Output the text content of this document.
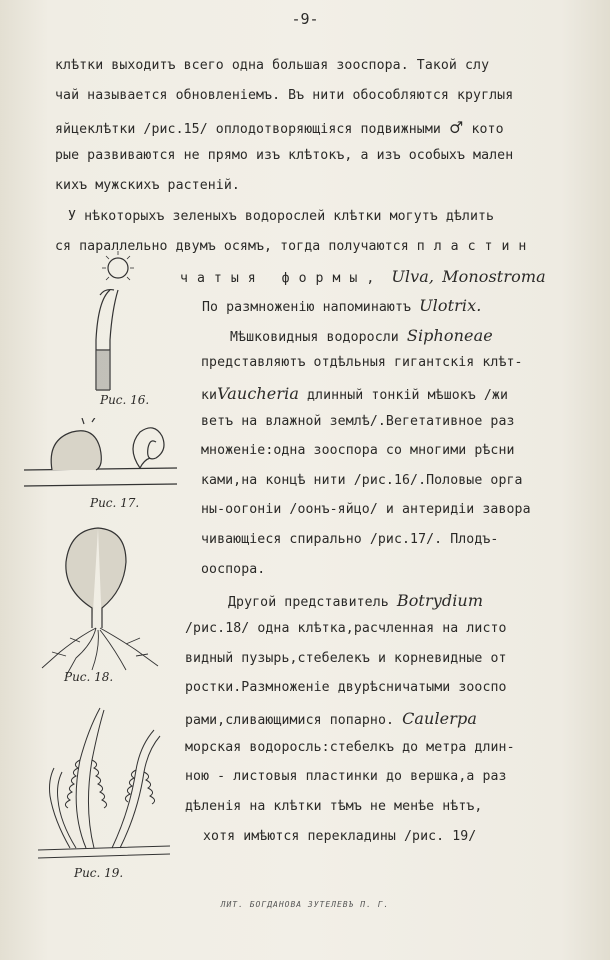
-9-
клѣтки выходитъ всего одна большая зооспора. Такой слу
чай называется обновленіемъ. Въ нити обособляются круглыя
яйцеклѣтки /рис.15/ оплодотворяющіяся подвижными ♂ кото
рые развиваются не прямо изъ клѣтокъ, а изъ особыхъ мален
кихъ мужскихъ растеній.
У нѣкоторыхъ зеленыхъ водорослей клѣтки могутъ дѣлить
ся параллельно двумъ осямъ, тогда получаются пластин
чатыя формы, Ulva, Monostroma
По размноженію напоминаютъ Ulotrix.
Мѣшковидныя водоросли Siphoneae
представляютъ отдѣльныя гигантскія клѣт-
киVaucheria длинный тонкій мѣшокъ /жи
ветъ на влажной землѣ/.Вегетативное раз
множеніе:одна зооспора со многими рѣсни
ками,на концѣ нити /рис.16/.Половые орга
ны-оогоніи /оонъ-яйцо/ и антеридіи завора
чивающіеся спирально /рис.17/. Плодъ-
ооспора.
Другой представитель Botrydium
/рис.18/ одна клѣтка,расчленная на листо
видный пузырь,стебелекъ и корневидные от
ростки.Размноженіе двурѣсничатыми зооспо
рами,сливающимися попарно. Caulerpa
морская водоросль:стебелкъ до метра длин-
ною - листовыя пластинки до вершка,а раз
дѣленія на клѣтки тѣмъ не менѣе нѣтъ,
хотя имѣются перекладины /рис. 19/
Рис. 16.
Рис. 17.
Рис. 18.
Рис. 19.
ЛИТ. БОГДАНОВА ЗУТЕЛЕВЪ П. Г.
